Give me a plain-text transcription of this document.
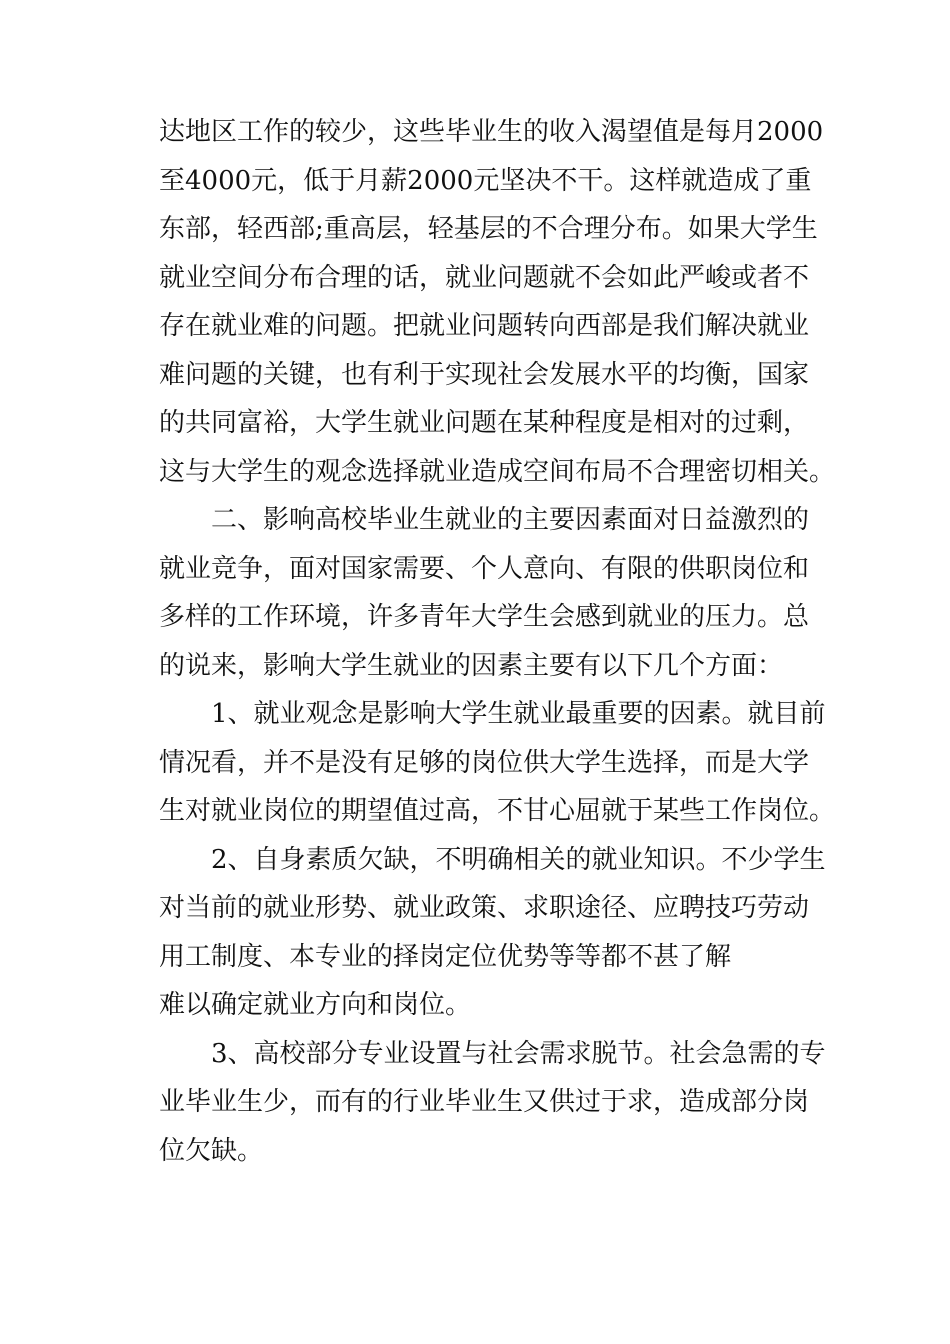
达地区工作的较少，这些毕业生的收入渴望值是每月2000
至4000元，低于月薪2000元坚决不干。这样就造成了重
东部，轻西部;重高层，轻基层的不合理分布。如果大学生
就业空间分布合理的话，就业问题就不会如此严峻或者不
存在就业难的问题。把就业问题转向西部是我们解决就业
难问题的关键，也有利于实现社会发展水平的均衡，国家
的共同富裕，大学生就业问题在某种程度是相对的过剩，
这与大学生的观念选择就业造成空间布局不合理密切相关。
二、影响高校毕业生就业的主要因素面对日益激烈的
就业竞争，面对国家需要、个人意向、有限的供职岗位和
多样的工作环境，许多青年大学生会感到就业的压力。总
的说来，影响大学生就业的因素主要有以下几个方面：
1、就业观念是影响大学生就业最重要的因素。就目前
情况看，并不是没有足够的岗位供大学生选择，而是大学
生对就业岗位的期望值过高，不甘心屈就于某些工作岗位。
2、自身素质欠缺，不明确相关的就业知识。不少学生
对当前的就业形势、就业政策、求职途径、应聘技巧劳动
用工制度、本专业的择岗定位优势等等都不甚了解
难以确定就业方向和岗位。
3、高校部分专业设置与社会需求脱节。社会急需的专
业毕业生少，而有的行业毕业生又供过于求，造成部分岗
位欠缺。
